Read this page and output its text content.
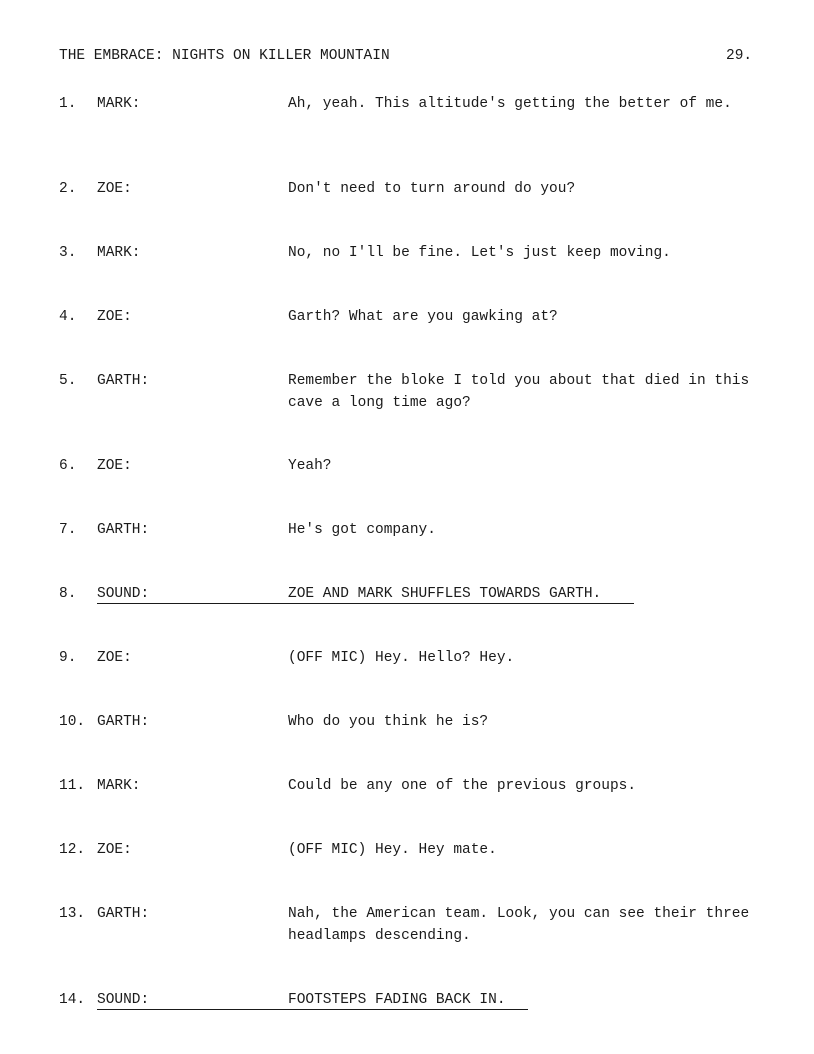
THE EMBRACE: NIGHTS ON KILLER MOUNTAIN	29.
1. MARK:	Ah, yeah. This altitude's getting the better of me.
2. ZOE:	Don't need to turn around do you?
3. MARK:	No, no I'll be fine. Let's just keep moving.
4. ZOE:	Garth? What are you gawking at?
5. GARTH:	Remember the bloke I told you about that died in this cave a long time ago?
6. ZOE:	Yeah?
7. GARTH:	He's got company.
8. SOUND:	ZOE AND MARK SHUFFLES TOWARDS GARTH.
9. ZOE:	(OFF MIC) Hey. Hello? Hey.
10. GARTH:	Who do you think he is?
11. MARK:	Could be any one of the previous groups.
12. ZOE:	(OFF MIC) Hey. Hey mate.
13. GARTH:	Nah, the American team. Look, you can see their three headlamps descending.
14. SOUND:	FOOTSTEPS FADING BACK IN.
